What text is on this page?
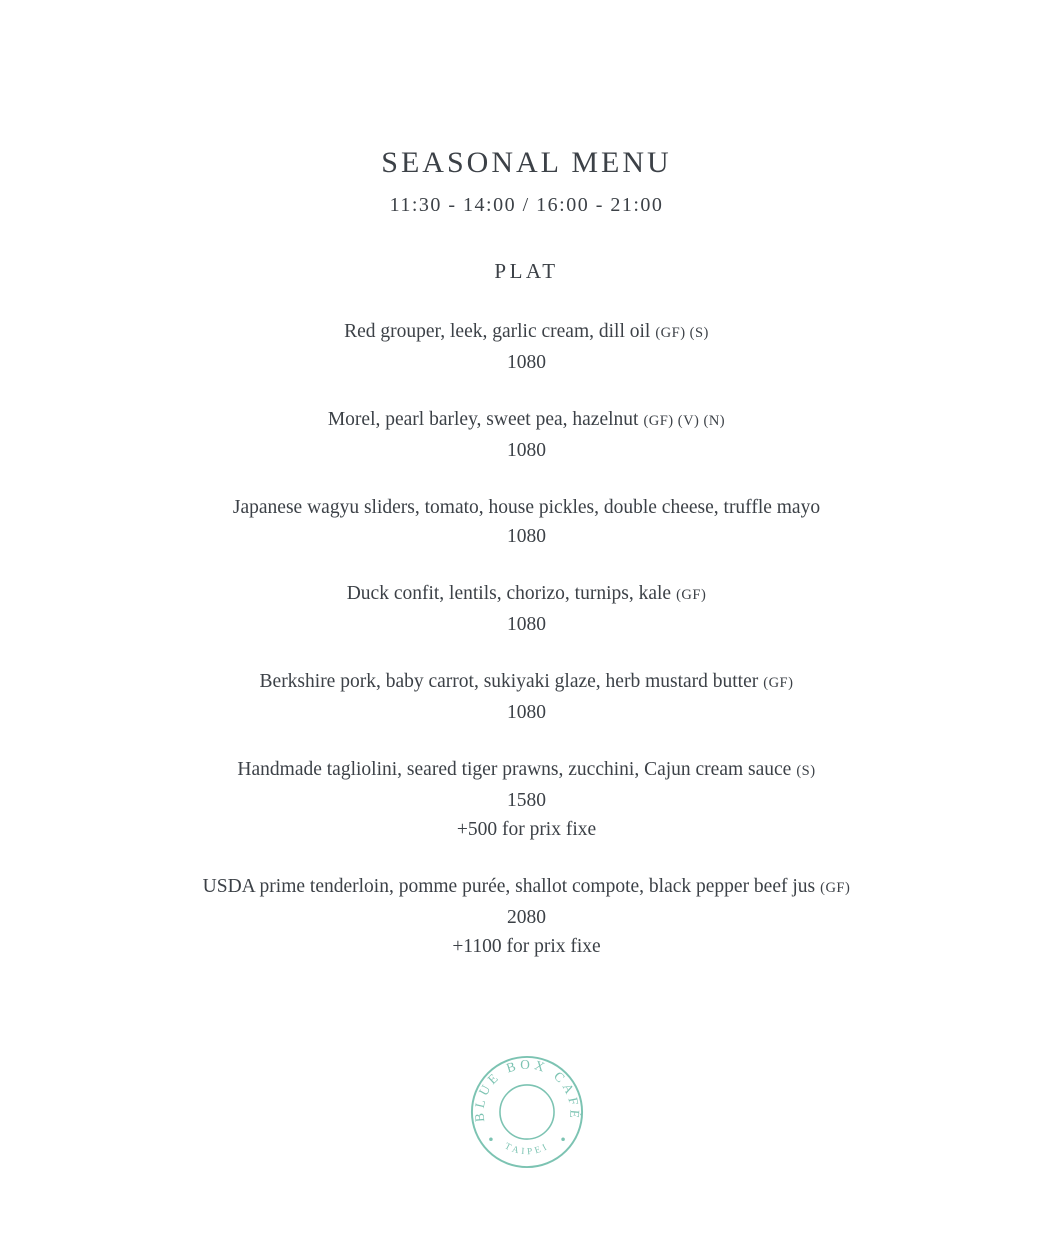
SEASONAL MENU
11:30 - 14:00 / 16:00 - 21:00
PLAT
Red grouper, leek, garlic cream, dill oil (GF) (S)
1080
Morel, pearl barley, sweet pea, hazelnut (GF) (V) (N)
1080
Japanese wagyu sliders, tomato, house pickles, double cheese, truffle mayo
1080
Duck confit, lentils, chorizo, turnips, kale (GF)
1080
Berkshire pork, baby carrot, sukiyaki glaze, herb mustard butter (GF)
1080
Handmade tagliolini, seared tiger prawns, zucchini, Cajun cream sauce (S)
1580
+500 for prix fixe
USDA prime tenderloin, pomme purée, shallot compote, black pepper beef jus (GF)
2080
+1100 for prix fixe
BLUE BOX CAFÉ
TAIPEI
